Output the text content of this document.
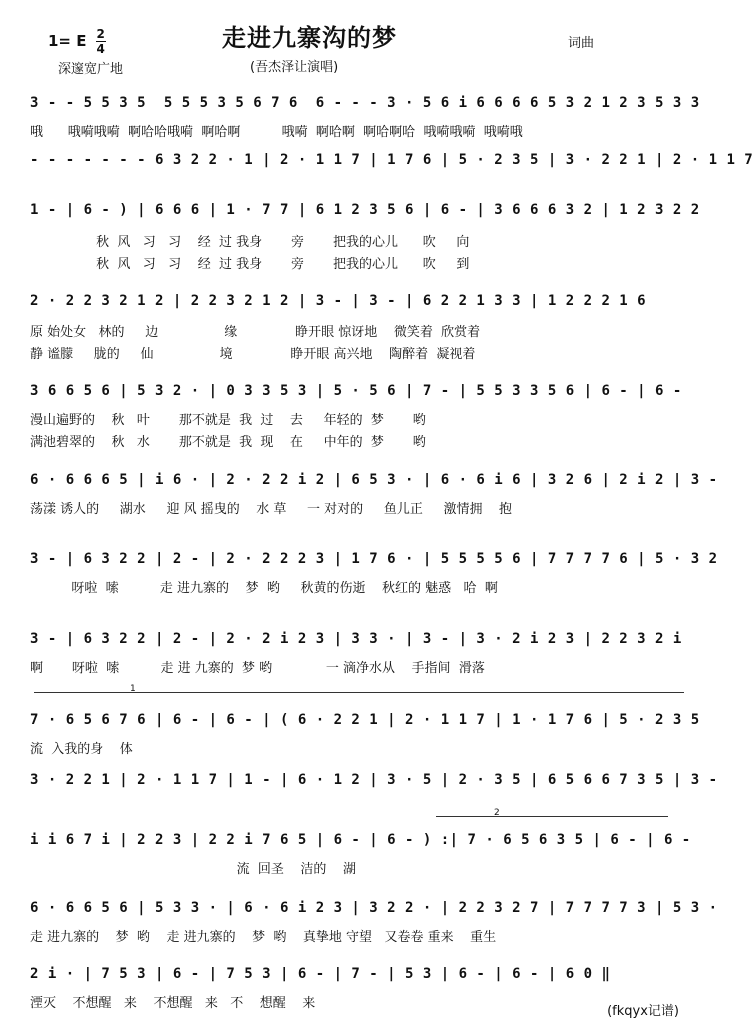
1= E $\frac{2}{4}$
深邃宽广地
走进九寨沟的梦
(吾杰泽让演唱)
词曲
3 - - 5 5 3 5  5 5 5 3 5 6 7 6  6 - - - 3 · 5 6 i 6 6 6 6 5 3 2 1 2 3 5 3 3
哦      哦嗬哦嗬  啊哈哈哦嗬  啊哈啊          哦嗬  啊哈啊  啊哈啊哈  哦嗬哦嗬  哦嗬哦
- - - - - - - 6 3 2 2 · 1 | 2 · 1 1 7 | 1 7 6 | 5 · 2 3 5 | 3 · 2 2 1 | 2 · 1 1 7
1 - | 6 - ) | 6 6 6 | 1 · 7 7 | 6 1 2 3 5 6 | 6 - | 3 6 6 6 3 2 | 1 2 3 2 2
秋  风   习   习    经  过 我身       旁       把我的心儿      吹     向
秋  风   习   习    经  过 我身       旁       把我的心儿      吹     到
2 · 2 2 3 2 1 2 | 2 2 3 2 1 2 | 3 - | 3 - | 6 2 2 1 3 3 | 1 2 2 2 1 6
原 始处女   林的     边                缘              睁开眼 惊讶地    微笑着  欣赏着
静 谧朦     胧的     仙                境              睁开眼 高兴地    陶醉着  凝视着
3 6 6 5 6 | 5 3 2 · | 0 3 3 5 3 | 5 · 5 6 | 7 - | 5 5 3 3 5 6 | 6 - | 6 -
漫山遍野的    秋   叶       那不就是  我  过    去     年轻的  梦       哟
满池碧翠的    秋   水       那不就是  我  现    在     中年的  梦       哟
6 · 6 6 6 5 | i 6 · | 2 · 2 2 i 2 | 6 5 3 · | 6 · 6 i 6 | 3 2 6 | 2 i 2 | 3 -
荡漾 诱人的     湖水     迎 风 摇曳的    水 草     一 对对的     鱼儿正     激情拥    抱
3 - | 6 3 2 2 | 2 - | 2 · 2 2 2 3 | 1 7 6 · | 5 5 5 5 6 | 7 7 7 7 6 | 5 · 3 2
呀啦  嗦          走 进九寨的    梦  哟     秋黄的伤逝    秋红的 魅惑   哈  啊
3 - | 6 3 2 2 | 2 - | 2 · 2 i 2 3 | 3 3 · | 3 - | 3 · 2 i 2 3 | 2 2 3 2 i
啊       呀啦  嗦          走 进 九寨的  梦 哟             一 滴净水从    手指间  滑落
1
7 · 6 5 6 7 6 | 6 - | 6 - | ( 6 · 2 2 1 | 2 · 1 1 7 | 1 · 1 7 6 | 5 · 2 3 5
流  入我的身    体
3 · 2 2 1 | 2 · 1 1 7 | 1 - | 6 · 1 2 | 3 · 5 | 2 · 3 5 | 6 5 6 6 7 3 5 | 3 -
2
i i 6 7 i | 2 2 3 | 2 2 i 7 6 5 | 6 - | 6 - ) :| 7 · 6 5 6 3 5 | 6 - | 6 -
流  回圣    洁的    湖
6 · 6 6 5 6 | 5 3 3 · | 6 · 6 i 2 3 | 3 2 2 · | 2 2 3 2 7 | 7 7 7 7 3 | 5 3 ·
走 进九寨的    梦  哟    走 进九寨的    梦  哟    真挚地 守望   又卷卷 重来    重生
2 i · | 7 5 3 | 6 - | 7 5 3 | 6 - | 7 - | 5 3 | 6 - | 6 - | 6 0 ‖
湮灭    不想醒   来    不想醒   来   不    想醒    来
(fkqyx记谱)
